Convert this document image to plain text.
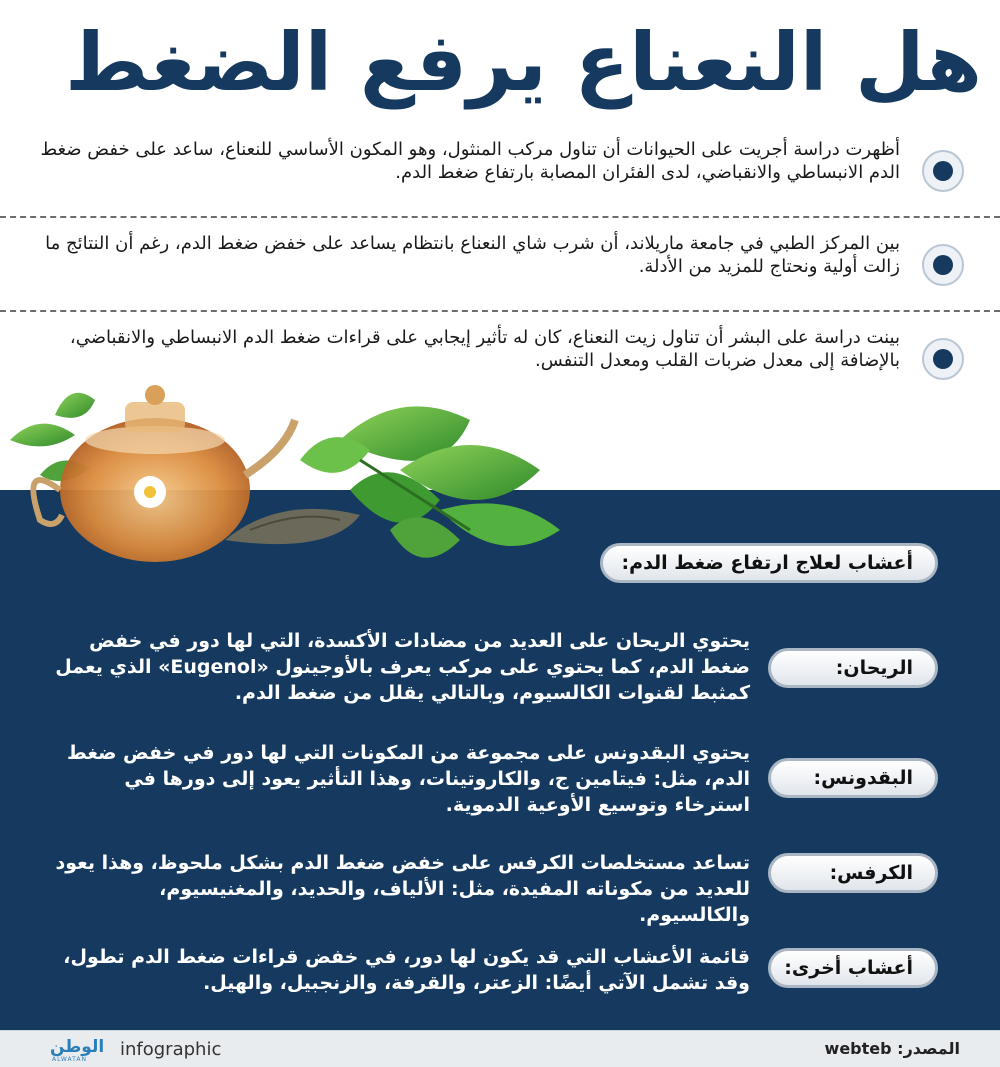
هل النعناع يرفع الضغط

أظهرت دراسة أجريت على الحيوانات أن تناول مركب المنثول، وهو المكون الأساسي للنعناع، ساعد على خفض ضغط الدم الانبساطي والانقباضي، لدى الفئران المصابة بارتفاع ضغط الدم.

بين المركز الطبي في جامعة ماريلاند، أن شرب شاي النعناع بانتظام يساعد على خفض ضغط الدم، رغم أن النتائج ما زالت أولية ونحتاج للمزيد من الأدلة.

بينت دراسة على البشر أن تناول زيت النعناع، كان له تأثير إيجابي على قراءات ضغط الدم الانبساطي والانقباضي، بالإضافة إلى معدل ضربات القلب ومعدل التنفس.

أعشاب لعلاج ارتفاع ضغط الدم:
الريحان:

يحتوي الريحان على العديد من مضادات الأكسدة، التي لها دور في خفض ضغط الدم، كما يحتوي على مركب يعرف بالأوجينول «Eugenol» الذي يعمل كمثبط لقنوات الكالسيوم، وبالتالي يقلل من ضغط الدم.

البقدونس:

يحتوي البقدونس على مجموعة من المكونات التي لها دور في خفض ضغط الدم، مثل: فيتامين ج، والكاروتينات، وهذا التأثير يعود إلى دورها في استرخاء وتوسيع الأوعية الدموية.

الكرفس:

تساعد مستخلصات الكرفس على خفض ضغط الدم بشكل ملحوظ، وهذا يعود للعديد من مكوناته المفيدة، مثل: الألياف، والحديد، والمغنيسيوم، والكالسيوم.

أعشاب أخرى:

قائمة الأعشاب التي قد يكون لها دور، في خفض قراءات ضغط الدم تطول، وقد تشمل الآتي أيضًا: الزعتر، والقرفة، والزنجبيل، والهيل.

المصدر: webteb
الوطن
ALWATAN infographic
